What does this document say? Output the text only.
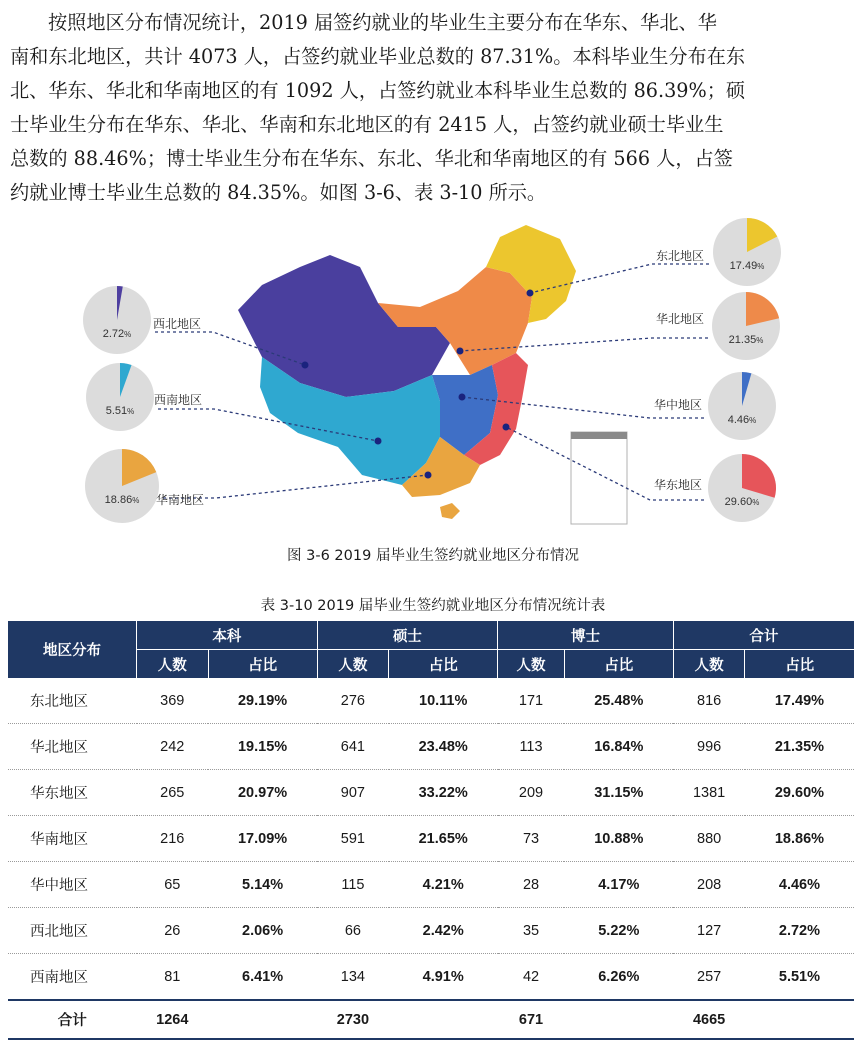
按照地区分布情况统计，2019 届签约就业的毕业生主要分布在华东、华北、华
南和东北地区，共计 4073 人，占签约就业毕业总数的 87.31%。本科毕业生分布在东
北、华东、华北和华南地区的有 1092 人，占签约就业本科毕业生总数的 86.39%；硕
士毕业生分布在华东、华北、华南和东北地区的有 2415 人，占签约就业硕士毕业生
总数的 88.46%；博士毕业生分布在华东、东北、华北和华南地区的有 566 人，占签
约就业博士毕业生总数的 84.35%。如图 3-6、表 3-10 所示。
17.49%
东北地区
21.35%
华北地区
4.46%
华中地区
29.60%
华东地区
2.72%
西北地区
5.51%
西南地区
18.86% 华南地区
图 3-6 2019 届毕业生签约就业地区分布情况
表 3-10 2019 届毕业生签约就业地区分布情况统计表
地区分布	本科		硕士		博士		合计	
	人数	占比	人数	占比	人数	占比	人数	占比
东北地区	369	29.19%	276	10.11%	171	25.48%	816	17.49%
华北地区	242	19.15%	641	23.48%	113	16.84%	996	21.35%
华东地区	265	20.97%	907	33.22%	209	31.15%	1381	29.60%
华南地区	216	17.09%	591	21.65%	73	10.88%	880	18.86%
华中地区	65	5.14%	115	4.21%	28	4.17%	208	4.46%
西北地区	26	2.06%	66	2.42%	35	5.22%	127	2.72%
西南地区	81	6.41%	134	4.91%	42	6.26%	257	5.51%
合计	1264		2730		671		4665	
